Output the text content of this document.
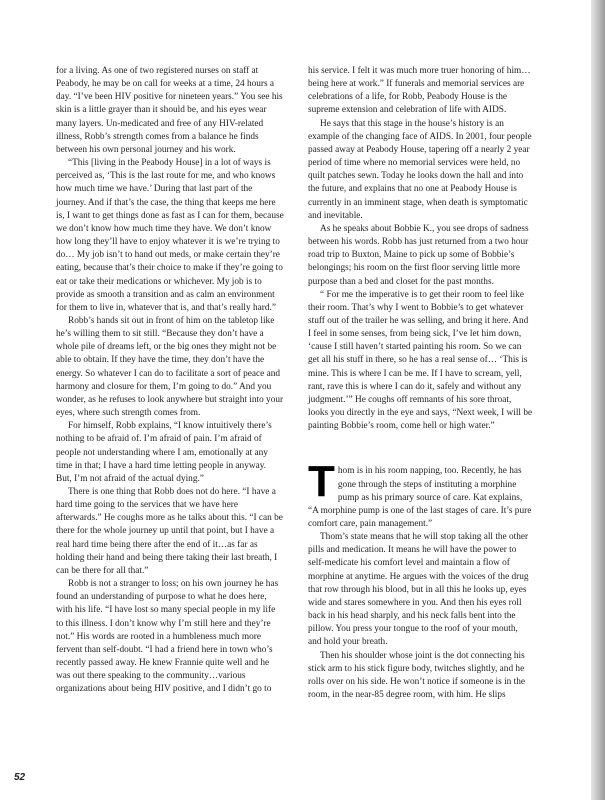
for a living. As one of two registered nurses on staff at Peabody, he may be on call for weeks at a time, 24 hours a day. “I’ve been HIV positive for nineteen years.” You see his skin is a little grayer than it should be, and his eyes wear many layers. Un-medicated and free of any HIV-related illness, Robb’s strength comes from a balance he finds between his own personal journey and his work.

“This [living in the Peabody House] in a lot of ways is perceived as, ‘This is the last route for me, and who knows how much time we have.’ During that last part of the journey. And if that’s the case, the thing that keeps me here is, I want to get things done as fast as I can for them, because we don’t know how much time they have. We don’t know how long they’ll have to enjoy whatever it is we’re trying to do… My job isn’t to hand out meds, or make certain they’re eating, because that’s their choice to make if they’re going to eat or take their medications or whichever. My job is to provide as smooth a transition and as calm an environment for them to live in, whatever that is, and that’s really hard.”

Robb’s hands sit out in front of him on the tabletop like he’s willing them to sit still. “Because they don’t have a whole pile of dreams left, or the big ones they might not be able to obtain. If they have the time, they don’t have the energy. So whatever I can do to facilitate a sort of peace and harmony and closure for them, I’m going to do.” And you wonder, as he refuses to look anywhere but straight into your eyes, where such strength comes from.

For himself, Robb explains, “I know intuitively there’s nothing to be afraid of. I’m afraid of pain. I’m afraid of people not understanding where I am, emotionally at any time in that; I have a hard time letting people in anyway. But, I’m not afraid of the actual dying.”

There is one thing that Robb does not do here. “I have a hard time going to the services that we have here afterwards.” He coughs more as he talks about this. “I can be there for the whole journey up until that point, but I have a real hard time being there after the end of it…as far as holding their hand and being there taking their last breath, I can be there for all that.”

Robb is not a stranger to loss; on his own journey he has found an understanding of purpose to what he does here, with his life. “I have lost so many special people in my life to this illness. I don’t know why I’m still here and they’re not.” His words are rooted in a humbleness much more fervent than self-doubt. “I had a friend here in town who’s recently passed away. He knew Frannie quite well and he was out there speaking to the community…various organizations about being HIV positive, and I didn’t go to

his service. I felt it was much more truer honoring of him…being here at work.” If funerals and memorial services are celebrations of a life, for Robb, Peabody House is the supreme extension and celebration of life with AIDS.

He says that this stage in the house’s history is an example of the changing face of AIDS. In 2001, four people passed away at Peabody House, tapering off a nearly 2 year period of time where no memorial services were held, no quilt patches sewn. Today he looks down the hall and into the future, and explains that no one at Peabody House is currently in an imminent stage, when death is symptomatic and inevitable.

As he speaks about Bobbie K., you see drops of sadness between his words. Robb has just returned from a two hour road trip to Buxton, Maine to pick up some of Bobbie’s belongings; his room on the first floor serving little more purpose than a bed and closet for the past months.

“ For me the imperative is to get their room to feel like their room. That’s why I went to Bobbie’s to get whatever stuff out of the trailer he was selling, and bring it here. And I feel in some senses, from being sick, I’ve let him down, ‘cause I still haven’t started painting his room. So we can get all his stuff in there, so he has a real sense of… ‘This is mine. This is where I can be me. If I have to scream, yell, rant, rave this is where I can do it, safely and without any judgment.’” He coughs off remnants of his sore throat, looks you directly in the eye and says, “Next week, I will be painting Bobbie’s room, come hell or high water.”

Thom is in his room napping, too. Recently, he has gone through the steps of instituting a morphine pump as his primary source of care. Kat explains, “A morphine pump is one of the last stages of care. It’s pure comfort care, pain management.”

Thom’s state means that he will stop taking all the other pills and medication. It means he will have the power to self-medicate his comfort level and maintain a flow of morphine at anytime. He argues with the voices of the drug that row through his blood, but in all this he looks up, eyes wide and stares somewhere in you. And then his eyes roll back in his head sharply, and his neck falls bent into the pillow. You press your tongue to the roof of your mouth, and hold your breath.

Then his shoulder whose joint is the dot connecting his stick arm to his stick figure body, twitches slightly, and he rolls over on his side. He won’t notice if someone is in the room, in the near-85 degree room, with him. He slips

52
